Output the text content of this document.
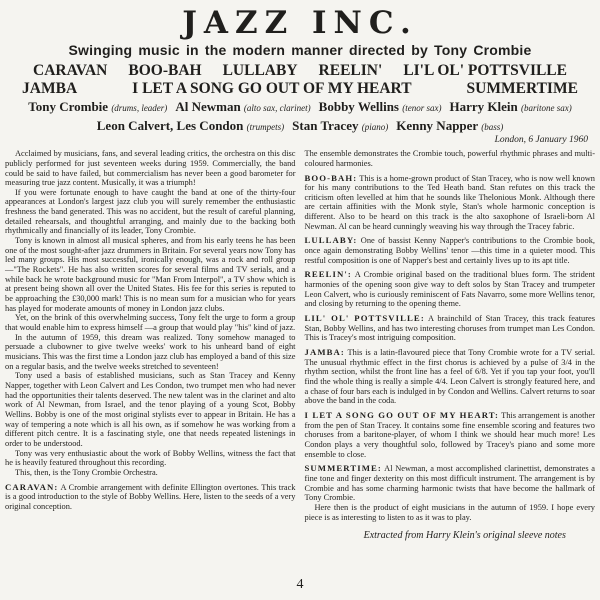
JAZZ INC.
Swinging music in the modern manner directed by Tony Crombie
CARAVAN BOO-BAH LULLABY REELIN' LI'L OL' POTTSVILLE
JAMBA	I LET A SONG GO OUT OF MY HEART	SUMMERTIME
Tony Crombie (drums, leader) Al Newman (alto sax, clarinet) Bobby Wellins (tenor sax) Harry Klein (baritone sax)
Leon Calvert, Les Condon (trumpets) Stan Tracey (piano) Kenny Napper (bass)
London, 6 January 1960

Acclaimed by musicians, fans, and several leading critics, the orchestra on this disc publicly performed for just seventeen weeks during 1959. Commercially, the band could be said to have failed, but commercialism has never been a good barometer for measuring true jazz content. Musically, it was a triumph!

If you were fortunate enough to have caught the band at one of the thirty-four appearances at London's largest jazz club you will surely remember the enthusiastic freshness the band generated. This was no accident, but the result of careful planning, detailed rehearsals, and thoughtful arranging, and mainly due to the backing both rhythmically and financially of its leader, Tony Crombie.

Tony is known in almost all musical spheres, and from his early teens he has been one of the most sought-after jazz drummers in Britain. For several years now Tony has led many groups. His most successful, ironically enough, was a rock and roll group —"The Rockets". He has also written scores for several films and TV serials, and a while back he wrote background music for "Man From Interpol", a TV show which is at present being shown all over the United States. His fee for this series is reputed to be approaching the £30,000 mark! This is no mean sum for a musician who for years has played for moderate amounts of money in London jazz clubs.

Yet, on the brink of this overwhelming success, Tony felt the urge to form a group that would enable him to express himself —a group that would play "his" kind of jazz.

In the autumn of 1959, this dream was realized. Tony somehow managed to persuade a clubowner to give twelve weeks' work to his unheard band of eight musicians. This was the first time a London jazz club has employed a band of this size on a regular basis, and the twelve weeks stretched to seventeen!

Tony used a basis of established musicians, such as Stan Tracey and Kenny Napper, together with Leon Calvert and Les Condon, two trumpet men who had never had the opportunities their talents deserved. The new talent was in the clarinet and alto work of Al Newman, from Israel, and the tenor playing of a young Scot, Bobby Wellins. Bobby is one of the most original stylists ever to appear in Britain. He has a way of tempering a note which is all his own, as if somehow he was working from a different pitch centre. It is a fascinating style, one that needs repeated listenings in order to be understood.

Tony was very enthusiastic about the work of Bobby Wellins, witness the fact that he is heavily featured throughout this recording.

This, then, is the Tony Crombie Orchestra.

CARAVAN: A Crombie arrangement with definite Ellington overtones. This track is a good introduction to the style of Bobby Wellins. Here, listen to the seeds of a very original conception.

The ensemble demonstrates the Crombie touch, powerful rhythmic phrases and multi-coloured harmonies.

BOO-BAH: This is a home-grown product of Stan Tracey, who is now well known for his many contributions to the Ted Heath band. Stan refutes on this track the criticism often levelled at him that he sounds like Thelonious Monk. Although there are certain affinities with the Monk style, Stan's whole harmonic conception is different. Also to be heard on this track is the alto saxophone of Israeli-born Al Newman. Al can be heard cunningly weaving his way through the Tracey fabric.

LULLABY: One of bassist Kenny Napper's contributions to the Crombie book, once again demonstrating Bobby Wellins' tenor —this time in a quieter mood. This restful composition is one of Napper's best and certainly lives up to its apt title.

REELIN': A Crombie original based on the traditional blues form. The strident harmonies of the opening soon give way to deft solos by Stan Tracey and trumpeter Leon Calvert, who is curiously reminiscent of Fats Navarro, some more Wellins tenor, and closing by returning to the opening theme.

LIL' OL' POTTSVILLE: A brainchild of Stan Tracey, this track features Stan, Bobby Wellins, and has two interesting choruses from trumpet man Les Condon. This is Tracey's most intriguing composition.

JAMBA: This is a latin-flavoured piece that Tony Crombie wrote for a TV serial. The unusual rhythmic effect in the first chorus is achieved by a pulse of 3/4 in the rhythm section, whilst the front line has a feel of 6/8. Yet if you tap your foot, you'll find the whole thing is really a simple 4/4. Leon Calvert is strongly featured here, and a chase of four bars each is indulged in by Condon and Wellins. Calvert returns to soar above the band in the coda.

I LET A SONG GO OUT OF MY HEART: This arrangement is another from the pen of Stan Tracey. It contains some fine ensemble scoring and features two choruses from a baritone-player, of whom I think we should hear much more! Les Condon plays a very thoughtful solo, followed by Tracey's piano and some more ensemble to close.

SUMMERTIME: Al Newman, a most accomplished clarinettist, demonstrates a fine tone and finger dexterity on this most difficult instrument. The arrangement is by Crombie and has some charming harmonic twists that have become the hallmark of Tony Crombie.

Here then is the product of eight musicians in the autumn of 1959. I hope every piece is as interesting to listen to as it was to play.

Extracted from Harry Klein's original sleeve notes
4
